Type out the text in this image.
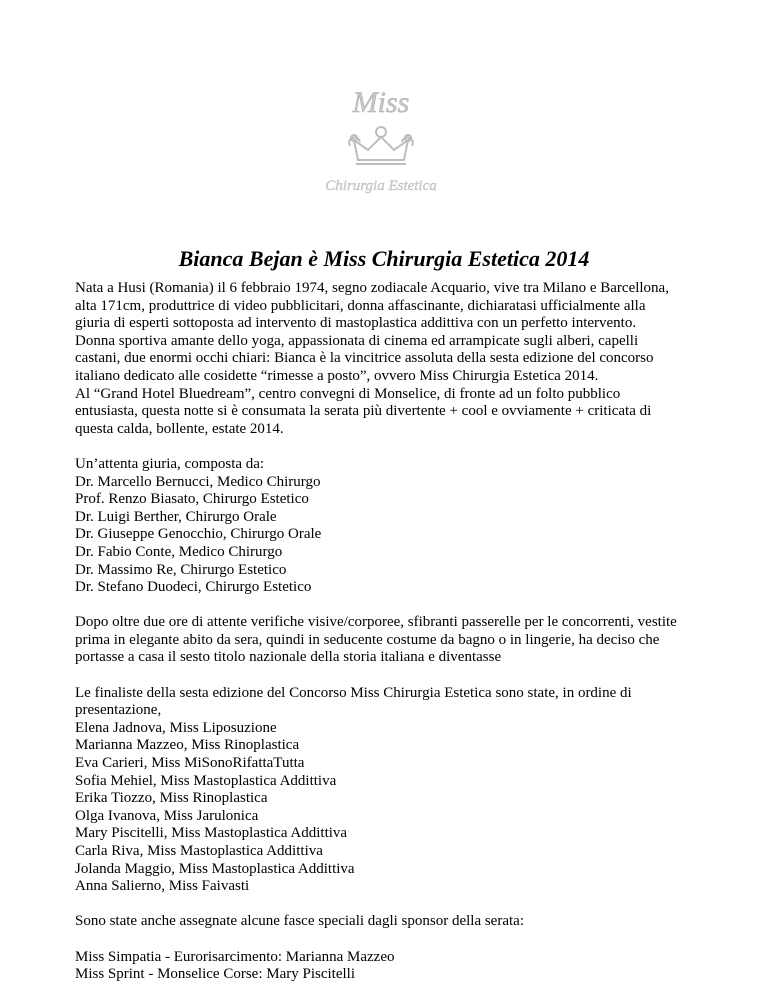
Miss
Chirurgia Estetica
Bianca Bejan è Miss Chirurgia Estetica 2014

Nata a Husi (Romania) il 6 febbraio 1974, segno zodiacale Acquario, vive tra Milano e Barcellona,
alta 171cm, produttrice di video pubblicitari, donna affascinante, dichiaratasi ufficialmente alla
giuria di esperti sottoposta ad intervento di mastoplastica addittiva con un perfetto intervento.
Donna sportiva amante dello yoga, appassionata di cinema ed arrampicate sugli alberi, capelli
castani, due enormi occhi chiari: Bianca è la vincitrice assoluta della sesta edizione del concorso
italiano dedicato alle cosidette “rimesse a posto”, ovvero Miss Chirurgia Estetica 2014.
Al “Grand Hotel Bluedream”, centro convegni di Monselice, di fronte ad un folto pubblico
entusiasta, questa notte si è consumata la serata più divertente + cool e ovviamente + criticata di
questa calda, bollente, estate 2014.

Un’attenta giuria, composta da:
Dr. Marcello Bernucci, Medico Chirurgo
Prof. Renzo Biasato, Chirurgo Estetico
Dr. Luigi Berther, Chirurgo Orale
Dr. Giuseppe Genocchio, Chirurgo Orale
Dr. Fabio Conte, Medico Chirurgo
Dr. Massimo Re, Chirurgo Estetico
Dr. Stefano Duodeci, Chirurgo Estetico

Dopo oltre due ore di attente verifiche visive/corporee, sfibranti passerelle per le concorrenti, vestite
prima in elegante abito da sera, quindi in seducente costume da bagno o in lingerie, ha deciso che
portasse a casa il sesto titolo nazionale della storia italiana e diventasse

Le finaliste della sesta edizione del Concorso Miss Chirurgia Estetica sono state, in ordine di
presentazione,
Elena Jadnova, Miss Liposuzione
Marianna Mazzeo, Miss Rinoplastica
Eva Carieri, Miss MiSonoRifattaTutta
Sofia Mehiel, Miss Mastoplastica Addittiva
Erika Tiozzo, Miss Rinoplastica
Olga Ivanova, Miss Jarulonica
Mary Piscitelli, Miss Mastoplastica Addittiva
Carla Riva, Miss Mastoplastica Addittiva
Jolanda Maggio, Miss Mastoplastica Addittiva
Anna Salierno, Miss Faivasti

Sono state anche assegnate alcune fasce speciali dagli sponsor della serata:

Miss Simpatia - Eurorisarcimento: Marianna Mazzeo
Miss Sprint - Monselice Corse: Mary Piscitelli
